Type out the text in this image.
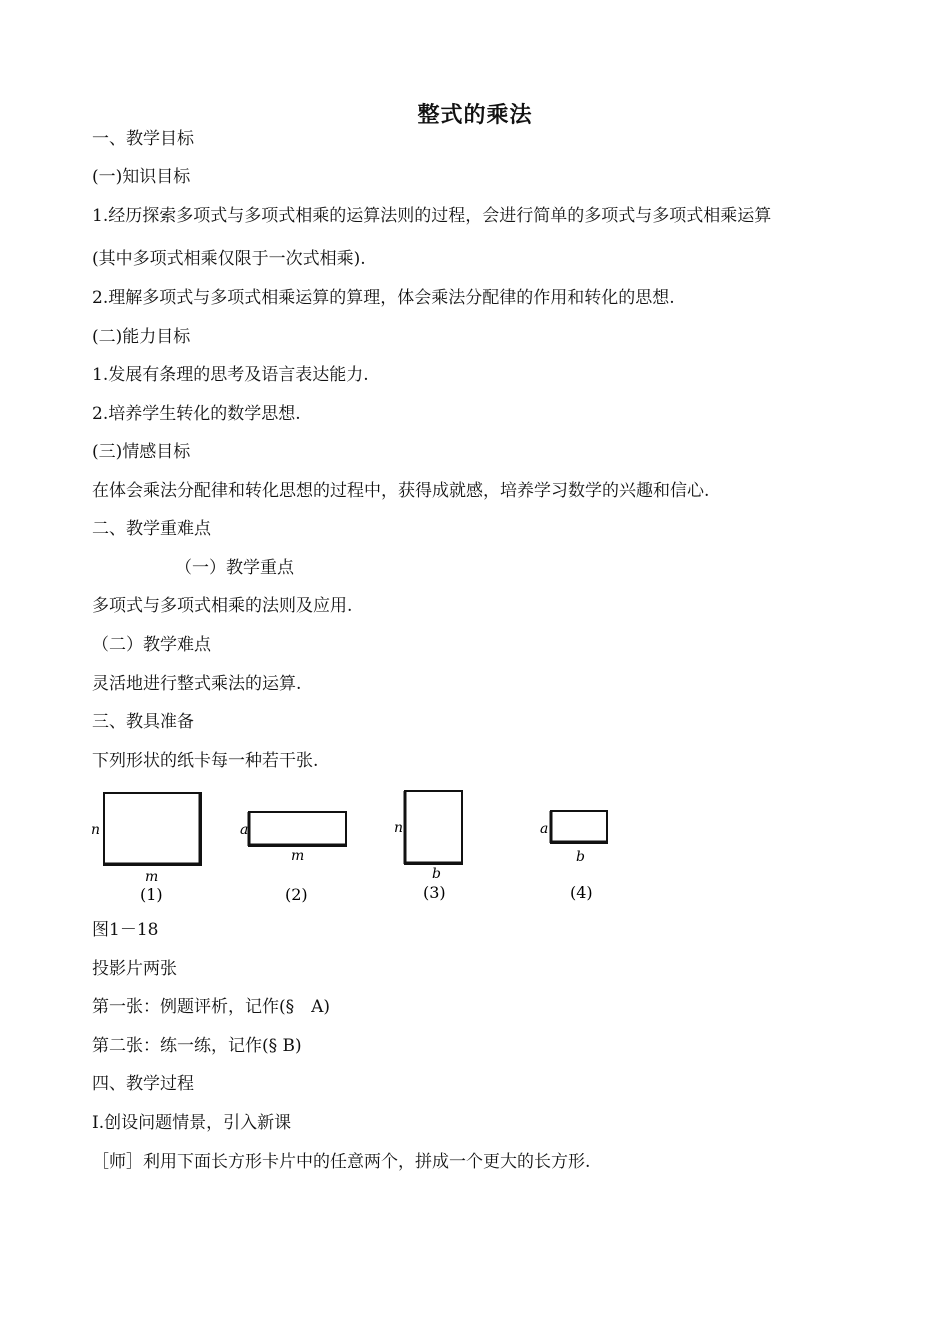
整式的乘法
一、教学目标
(一)知识目标
1.经历探索多项式与多项式相乘的运算法则的过程，会进行简单的多项式与多项式相乘运算
(其中多项式相乘仅限于一次式相乘).
2.理解多项式与多项式相乘运算的算理，体会乘法分配律的作用和转化的思想.
(二)能力目标
1.发展有条理的思考及语言表达能力.
2.培养学生转化的数学思想.
(三)情感目标
在体会乘法分配律和转化思想的过程中，获得成就感，培养学习数学的兴趣和信心.
二、教学重难点
（一）教学重点
多项式与多项式相乘的法则及应用.
（二）教学难点
灵活地进行整式乘法的运算.
三、教具准备
下列形状的纸卡每一种若干张.
n
m
(1)
a
m
(2)
n
b
(3)
a
b
(4)
图1－18
投影片两张
第一张：例题评析，记作(§　A)
第二张：练一练，记作(§ B)
四、教学过程
Ⅰ.创设问题情景，引入新课
［师］利用下面长方形卡片中的任意两个，拼成一个更大的长方形.
